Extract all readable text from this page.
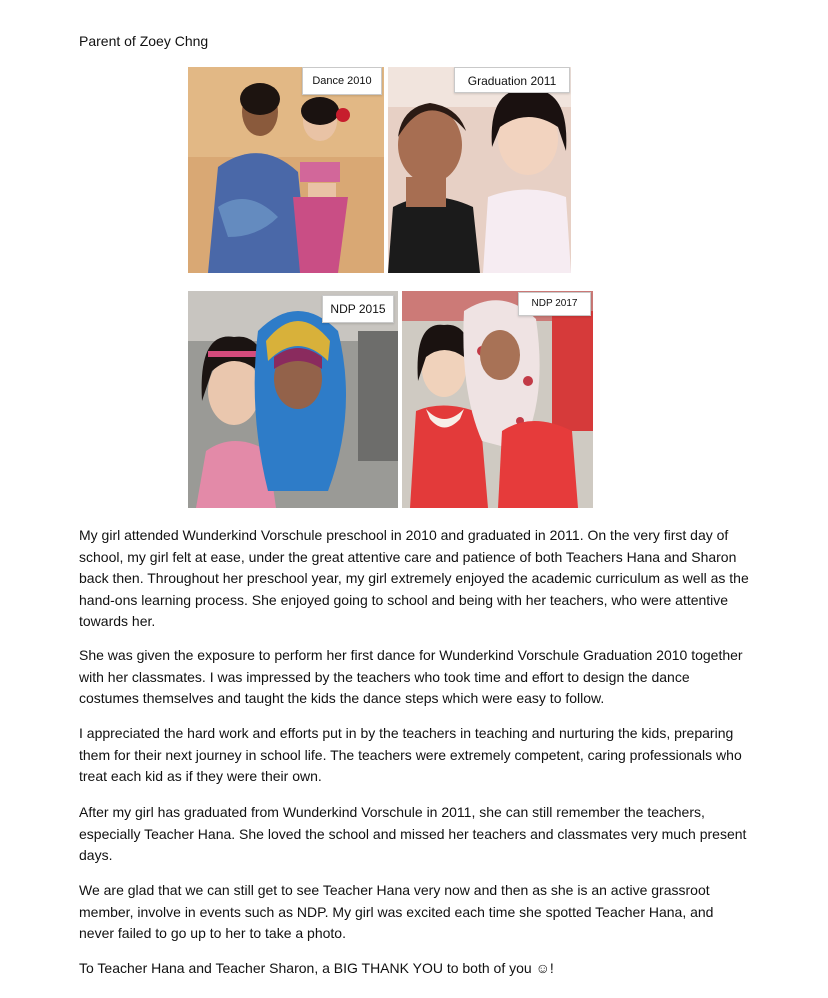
Parent of Zoey Chng
Dance 2010	Graduation 2011
NDP 2015	NDP 2017

My girl attended Wunderkind Vorschule preschool in 2010 and graduated in 2011. On the very first day of school, my girl felt at ease, under the great attentive care and patience of both Teachers Hana and Sharon back then. Throughout her preschool year, my girl extremely enjoyed the academic curriculum as well as the hand-ons learning process. She enjoyed going to school and being with her teachers, who were attentive towards her.

She was given the exposure to perform her first dance for Wunderkind Vorschule Graduation 2010 together with her classmates. I was impressed by the teachers who took time and effort to design the dance costumes themselves and taught the kids the dance steps which were easy to follow.

I appreciated the hard work and efforts put in by the teachers in teaching and nurturing the kids, preparing them for their next journey in school life. The teachers were extremely competent, caring professionals who treat each kid as if they were their own.

After my girl has graduated from Wunderkind Vorschule in 2011, she can still remember the teachers, especially Teacher Hana. She loved the school and missed her teachers and classmates very much present days.

We are glad that we can still get to see Teacher Hana very now and then as she is an active grassroot member, involve in events such as NDP. My girl was excited each time she spotted Teacher Hana, and never failed to go up to her to take a photo.

To Teacher Hana and Teacher Sharon, a BIG THANK YOU to both of you ☺!
